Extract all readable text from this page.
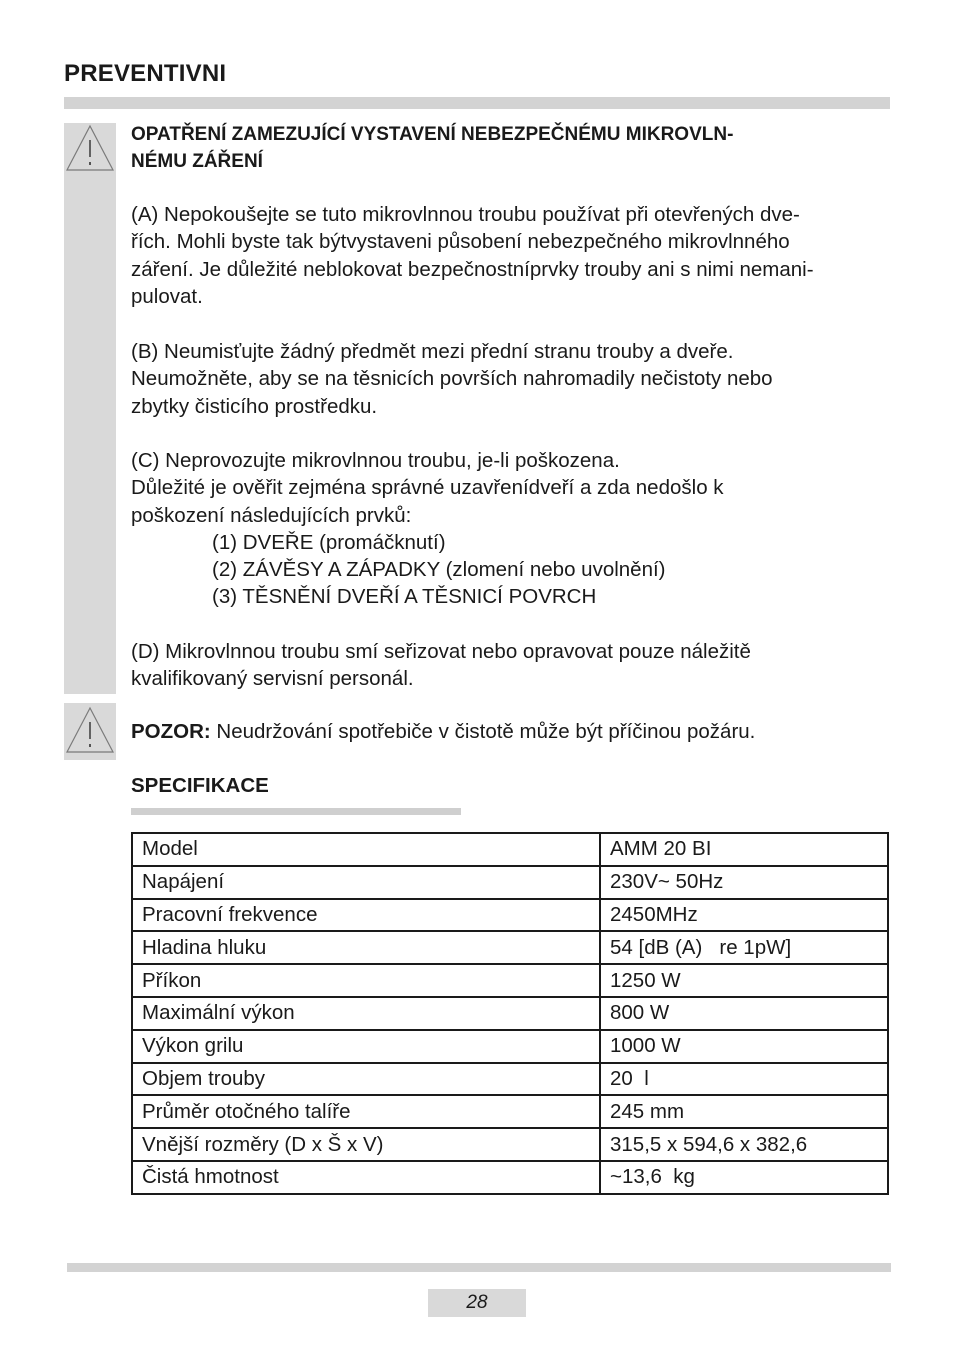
PREVENTIVNI
OPATŘENÍ ZAMEZUJÍCÍ VYSTAVENÍ NEBEZPEČNÉMU MIKROVLN-
NÉMU ZÁŘENÍ
(A) Nepokoušejte se tuto mikrovlnnou troubu používat při otevřených dve-
řích. Mohli byste tak býtvystaveni působení nebezpečného mikrovlnného
záření. Je důležité neblokovat bezpečnostníprvky trouby ani s nimi nemani-
pulovat.
(B) Neumisťujte žádný předmět mezi přední stranu trouby a dveře.
Neumožněte, aby se na těsnicích površích nahromadily nečistoty nebo
zbytky čisticího prostředku.
(C) Neprovozujte mikrovlnnou troubu, je-li poškozena.
Důležité je ověřit zejména správné uzavřenídveří a zda nedošlo k
poškození následujících prvků:
(1) DVEŘE (promáčknutí)
(2) ZÁVĚSY A ZÁPADKY (zlomení nebo uvolnění)
(3) TĚSNĚNÍ DVEŘÍ A TĚSNICÍ POVRCH
(D) Mikrovlnnou troubu smí seřizovat nebo opravovat pouze náležitě
kvalifikovaný servisní personál.
POZOR: Neudržování spotřebiče v čistotě může být příčinou požáru.
SPECIFIKACE
Model	AMM 20 BI
Napájení	230V~ 50Hz
Pracovní frekvence	2450MHz
Hladina hluku	54 [dB (A)   re 1pW]
Příkon	1250 W
Maximální výkon	800 W
Výkon grilu	1000 W
Objem trouby	20  l
Průměr otočného talíře	245 mm
Vnější rozměry (D x Š x V)	315,5 x 594,6 x 382,6
Čistá hmotnost	~13,6  kg
28
